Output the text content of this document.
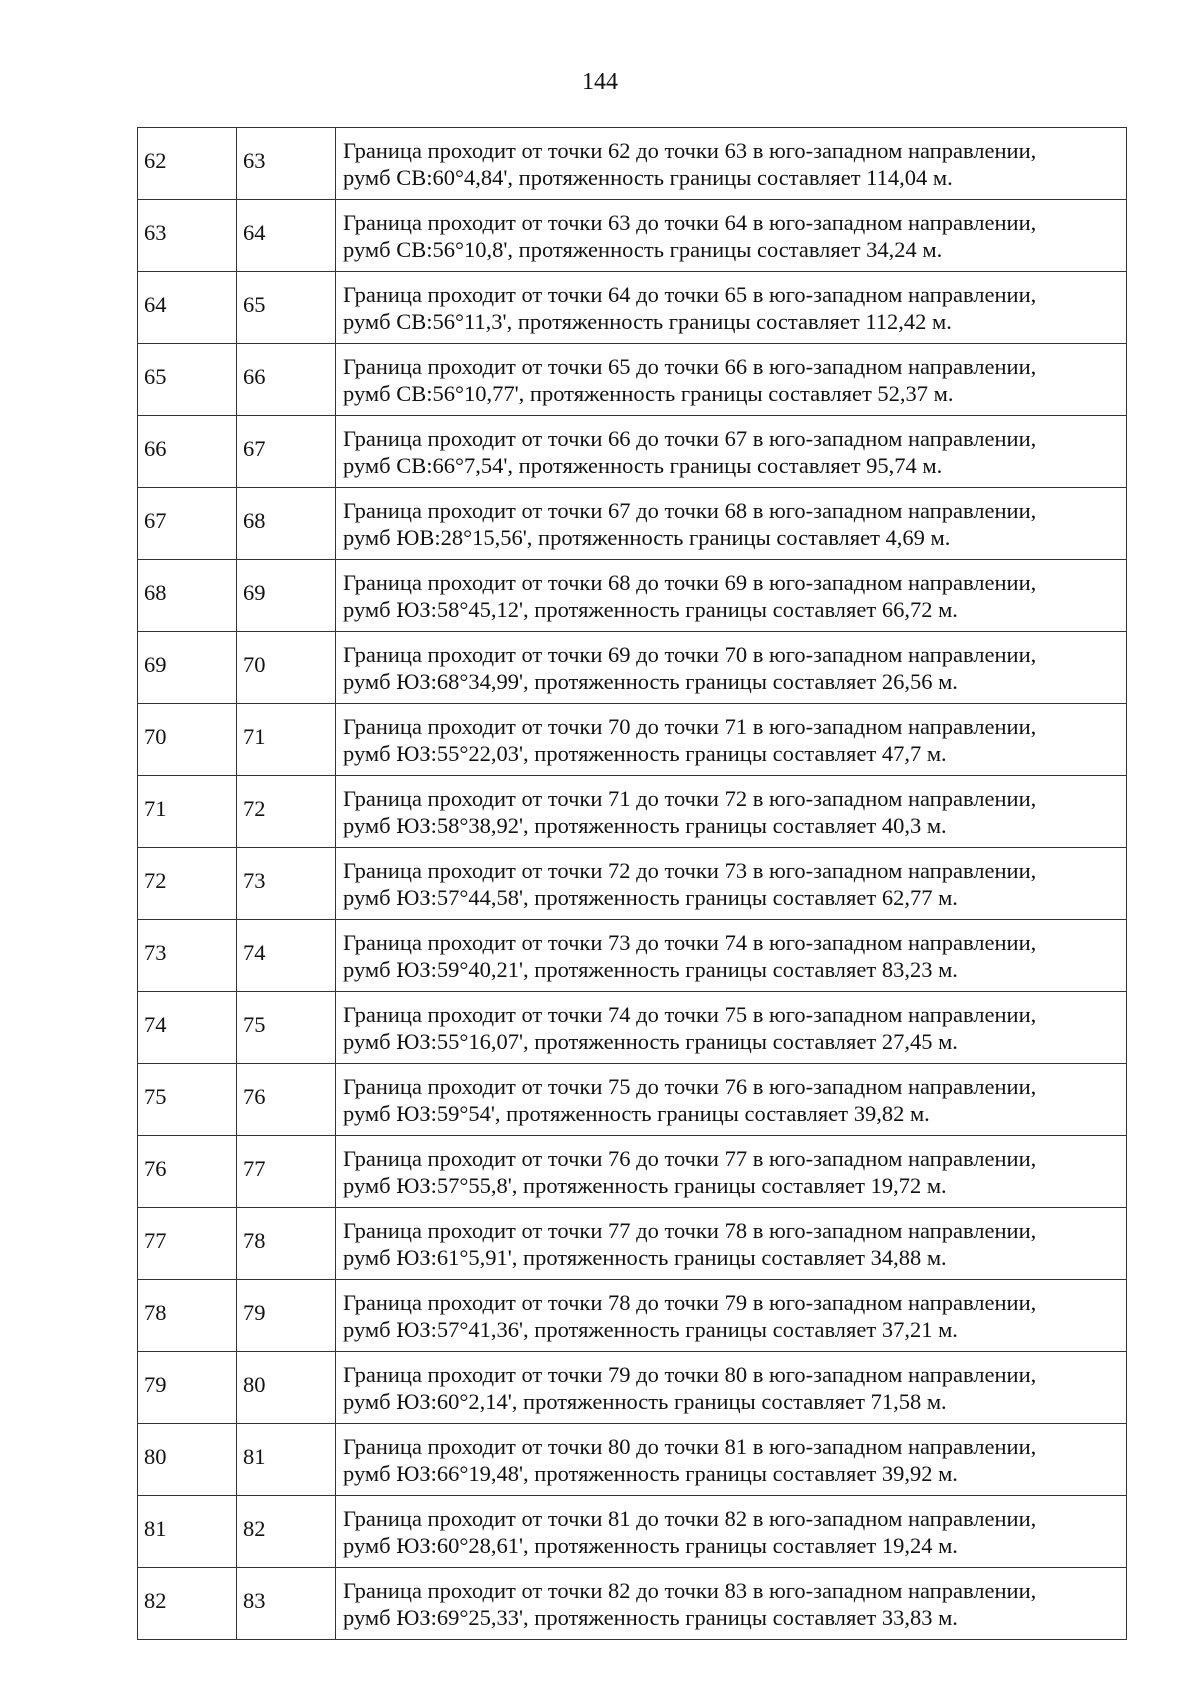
144
62	63	Граница проходит от точки 62 до точки 63 в юго-западном направлении,
румб СВ:60°4,84', протяженность границы составляет 114,04 м.

63	64	Граница проходит от точки 63 до точки 64 в юго-западном направлении,
румб СВ:56°10,8', протяженность границы составляет 34,24 м.

64	65	Граница проходит от точки 64 до точки 65 в юго-западном направлении,
румб СВ:56°11,3', протяженность границы составляет 112,42 м.

65	66	Граница проходит от точки 65 до точки 66 в юго-западном направлении,
румб СВ:56°10,77', протяженность границы составляет 52,37 м.

66	67	Граница проходит от точки 66 до точки 67 в юго-западном направлении,
румб СВ:66°7,54', протяженность границы составляет 95,74 м.

67	68	Граница проходит от точки 67 до точки 68 в юго-западном направлении,
румб ЮВ:28°15,56', протяженность границы составляет 4,69 м.

68	69	Граница проходит от точки 68 до точки 69 в юго-западном направлении,
румб ЮЗ:58°45,12', протяженность границы составляет 66,72 м.

69	70	Граница проходит от точки 69 до точки 70 в юго-западном направлении,
румб ЮЗ:68°34,99', протяженность границы составляет 26,56 м.

70	71	Граница проходит от точки 70 до точки 71 в юго-западном направлении,
румб ЮЗ:55°22,03', протяженность границы составляет 47,7 м.

71	72	Граница проходит от точки 71 до точки 72 в юго-западном направлении,
румб ЮЗ:58°38,92', протяженность границы составляет 40,3 м.

72	73	Граница проходит от точки 72 до точки 73 в юго-западном направлении,
румб ЮЗ:57°44,58', протяженность границы составляет 62,77 м.

73	74	Граница проходит от точки 73 до точки 74 в юго-западном направлении,
румб ЮЗ:59°40,21', протяженность границы составляет 83,23 м.

74	75	Граница проходит от точки 74 до точки 75 в юго-западном направлении,
румб ЮЗ:55°16,07', протяженность границы составляет 27,45 м.

75	76	Граница проходит от точки 75 до точки 76 в юго-западном направлении,
румб ЮЗ:59°54', протяженность границы составляет 39,82 м.

76	77	Граница проходит от точки 76 до точки 77 в юго-западном направлении,
румб ЮЗ:57°55,8', протяженность границы составляет 19,72 м.

77	78	Граница проходит от точки 77 до точки 78 в юго-западном направлении,
румб ЮЗ:61°5,91', протяженность границы составляет 34,88 м.

78	79	Граница проходит от точки 78 до точки 79 в юго-западном направлении,
румб ЮЗ:57°41,36', протяженность границы составляет 37,21 м.

79	80	Граница проходит от точки 79 до точки 80 в юго-западном направлении,
румб ЮЗ:60°2,14', протяженность границы составляет 71,58 м.

80	81	Граница проходит от точки 80 до точки 81 в юго-западном направлении,
румб ЮЗ:66°19,48', протяженность границы составляет 39,92 м.

81	82	Граница проходит от точки 81 до точки 82 в юго-западном направлении,
румб ЮЗ:60°28,61', протяженность границы составляет 19,24 м.

82	83	Граница проходит от точки 82 до точки 83 в юго-западном направлении,
румб ЮЗ:69°25,33', протяженность границы составляет 33,83 м.
